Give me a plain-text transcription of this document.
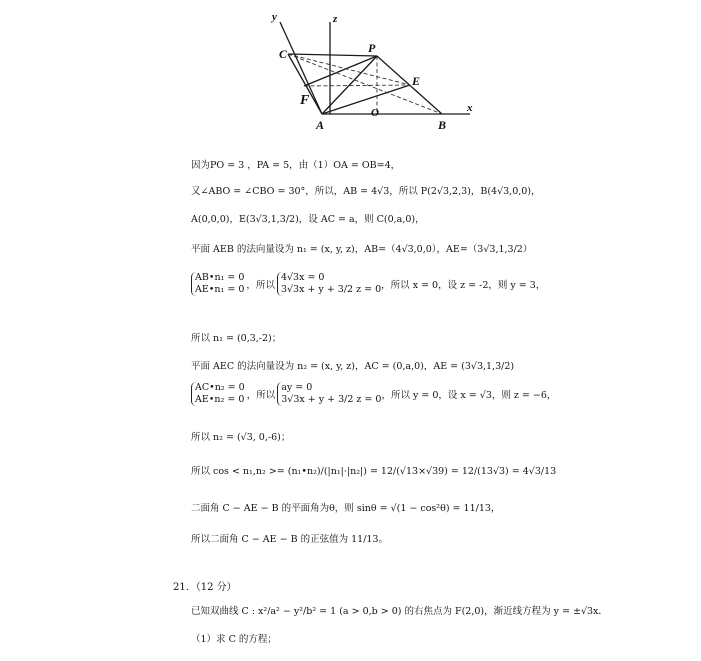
y	z
x
C	P
E
F
O
A	B
因为PO = 3 ，PA = 5，由（1）OA = OB=4，
又∠ABO = ∠CBO = 30°，所以，AB = 4√3，所以 P(2√3,2,3)，B(4√3,0,0)，
A(0,0,0)，E(3√3,1,3/2)，设 AC = a，则 C(0,a,0)，
平面 AEB 的法向量设为 n₁ = (x, y, z)，AB=（4√3,0,0），AE=（3√3,1,3/2）
AB•n₁ = 0
AE•n₁ = 0 ，所以
4√3x = 0
3√3x + y + 3/2 z = 0 ，所以 x = 0，设 z = -2，则 y = 3，
所以 n₁ = (0,3,-2)；
平面 AEC 的法向量设为 n₂ = (x, y, z)，AC = (0,a,0)，AE = (3√3,1,3/2)
AC•n₂ = 0
AE•n₂ = 0 ，所以
ay = 0
3√3x + y + 3/2 z = 0 ，所以 y = 0，设 x = √3，则 z = −6，
所以 n₂ = (√3, 0,-6)；
所以 cos < n₁,n₂ >= (n₁•n₂)/(|n₁|·|n₂|) = 12/(√13×√39) = 12/(13√3) = 4√3/13
二面角 C − AE − B 的平面角为θ，则 sinθ = √(1 − cos²θ) = 11/13，
所以二面角 C − AE − B 的正弦值为 11/13。
21．（12 分）
已知双曲线 C : x²/a² − y²/b² = 1 (a > 0,b > 0) 的右焦点为 F(2,0)，渐近线方程为 y = ±√3x．
（1）求 C 的方程；
